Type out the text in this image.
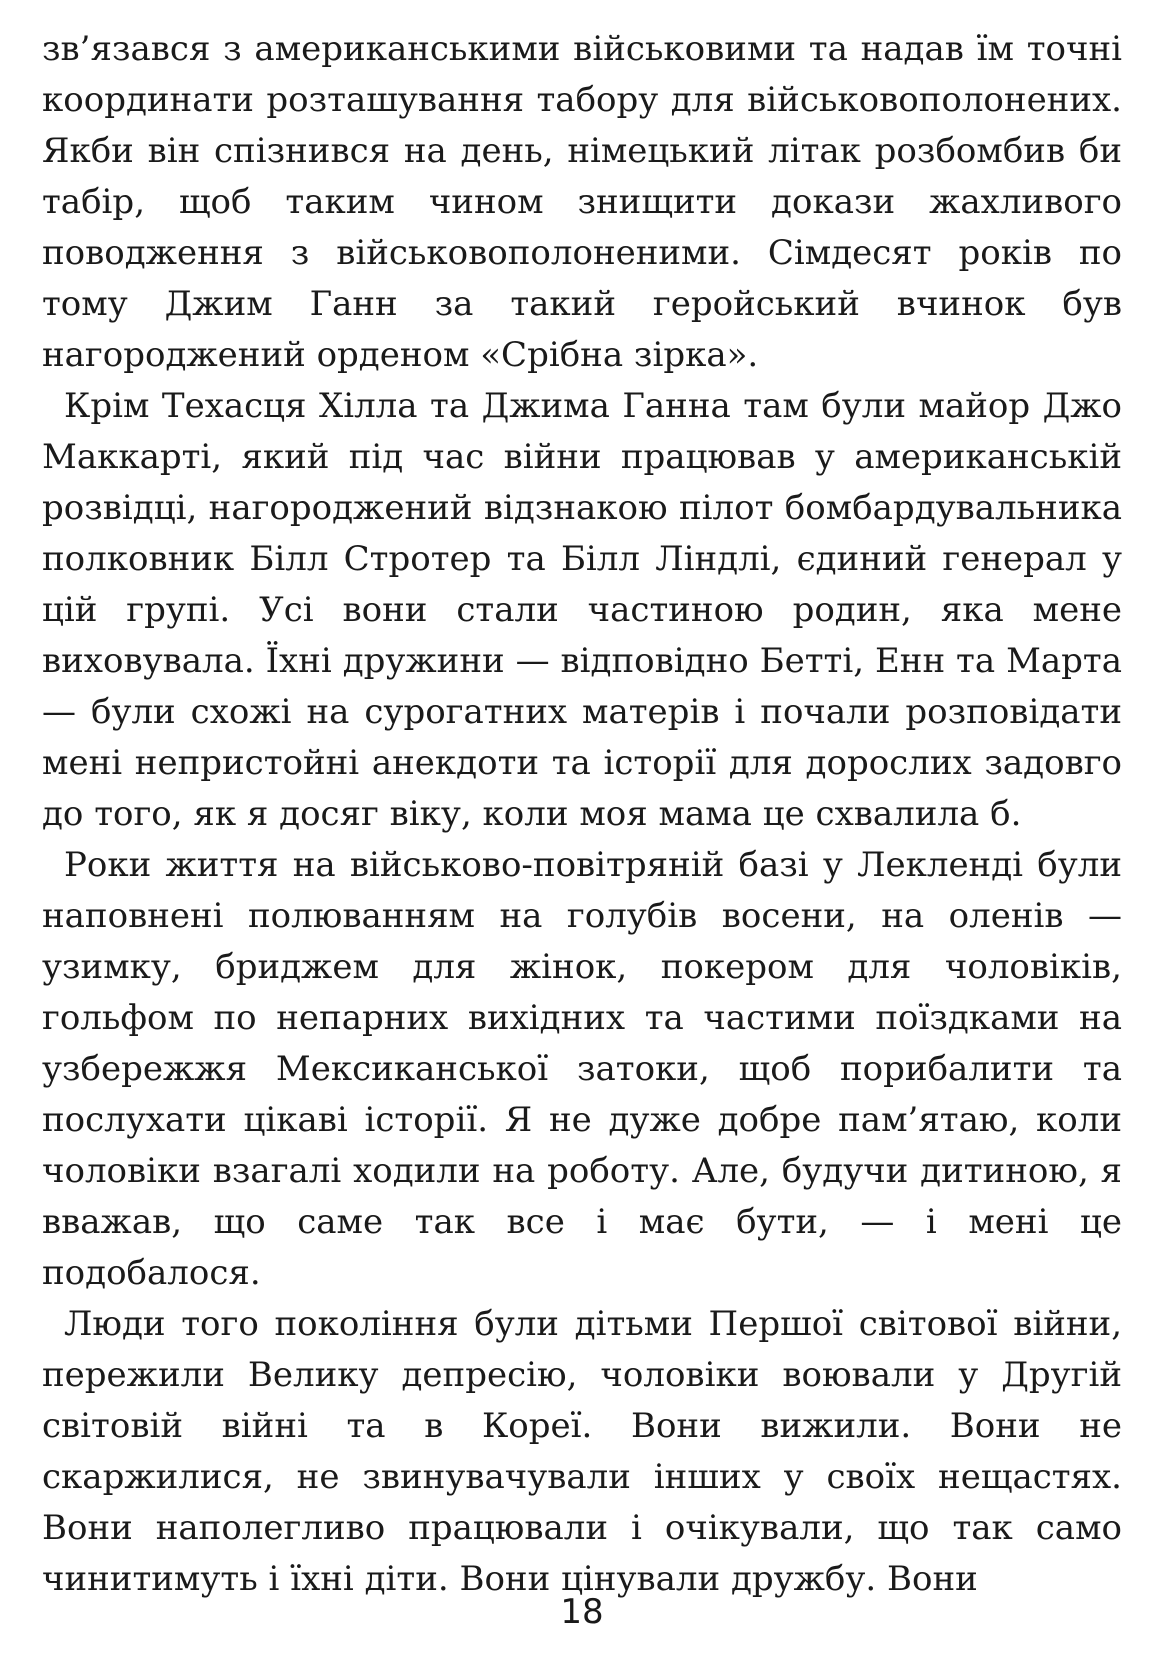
зв’язався з американськими військовими та надав їм точні координати розташування табору для військовополонених. Якби він спізнився на день, німецький літак розбомбив би табір, щоб таким чином знищити докази жахливого поводження з військовополоненими. Сімдесят років по тому Джим Ганн за такий геройський вчинок був нагороджений орденом «Срібна зірка».

Крім Техасця Хілла та Джима Ганна там були майор Джо Маккарті, який під час війни працював у американській розвідці, нагороджений відзнакою пілот бомбардувальника полковник Білл Стротер та Білл Ліндлі, єдиний генерал у цій групі. Усі вони стали частиною родин, яка мене виховувала. Їхні дружини — відповідно Бетті, Енн та Марта — були схожі на сурогатних матерів і почали розповідати мені непристойні анекдоти та історії для дорослих задовго до того, як я досяг віку, коли моя мама це схвалила б.

Роки життя на військово-повітряній базі у Лекленді були наповнені полюванням на голубів восени, на оленів — узимку, бриджем для жінок, покером для чоловіків, гольфом по непарних вихідних та частими поїздками на узбережжя Мексиканської затоки, щоб порибалити та послухати цікаві історії. Я не дуже добре пам’ятаю, коли чоловіки взагалі ходили на роботу. Але, будучи дитиною, я вважав, що саме так все і має бути, — і мені це подобалося.

Люди того покоління були дітьми Першої світової війни, пережили Велику депресію, чоловіки воювали у Другій світовій війні та в Кореї. Вони вижили. Вони не скаржилися, не звинувачували інших у своїх нещастях. Вони наполегливо працювали і очікували, що так само чинитимуть і їхні діти. Вони цінували дружбу. Вони

18
